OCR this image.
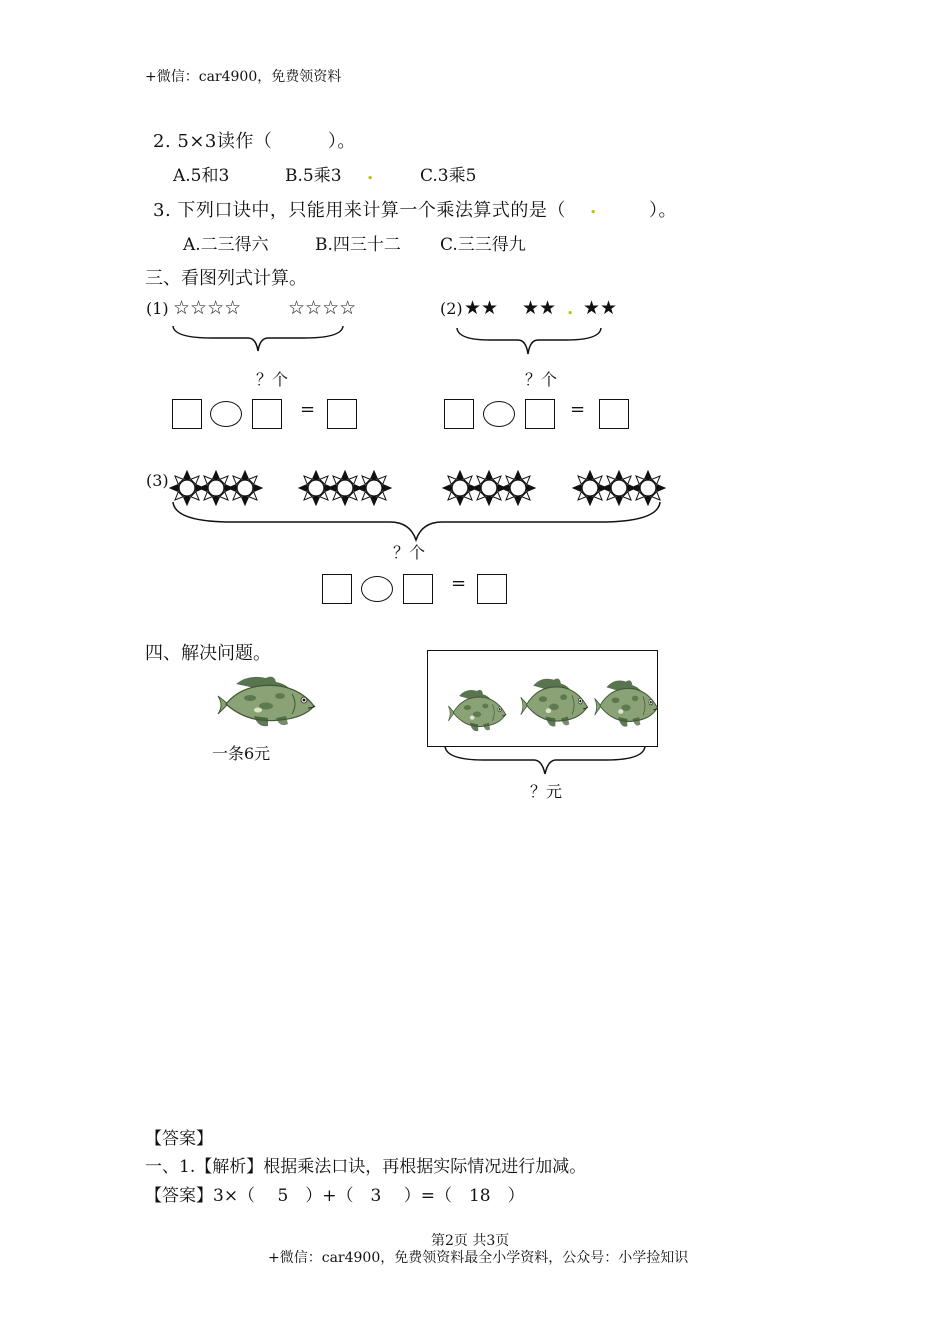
+微信：car4900，免费领资料
2. 5×3读作（　　　）。
A.5和3	B.5乘3 .	C.3乘5
3. 下列口诀中，只能用来计算一个乘法算式的是（ . 　　）。
A.二三得六	B.四三十二 C.三三得九
三、看图列式计算。
(1) ☆☆☆☆ ☆☆☆☆
？个
=
(2) ★★ ★★ . ★★
？个
=
(3)
？个
=
四、解决问题。
一条6元
？元
【答案】
一、1.【解析】根据乘法口诀，再根据实际情况进行加减。
【答案】3×（　 5　）+（　3　 ）=（　18　）
第2页 共3页
+微信：car4900，免费领资料最全小学资料，公众号：小学捡知识
